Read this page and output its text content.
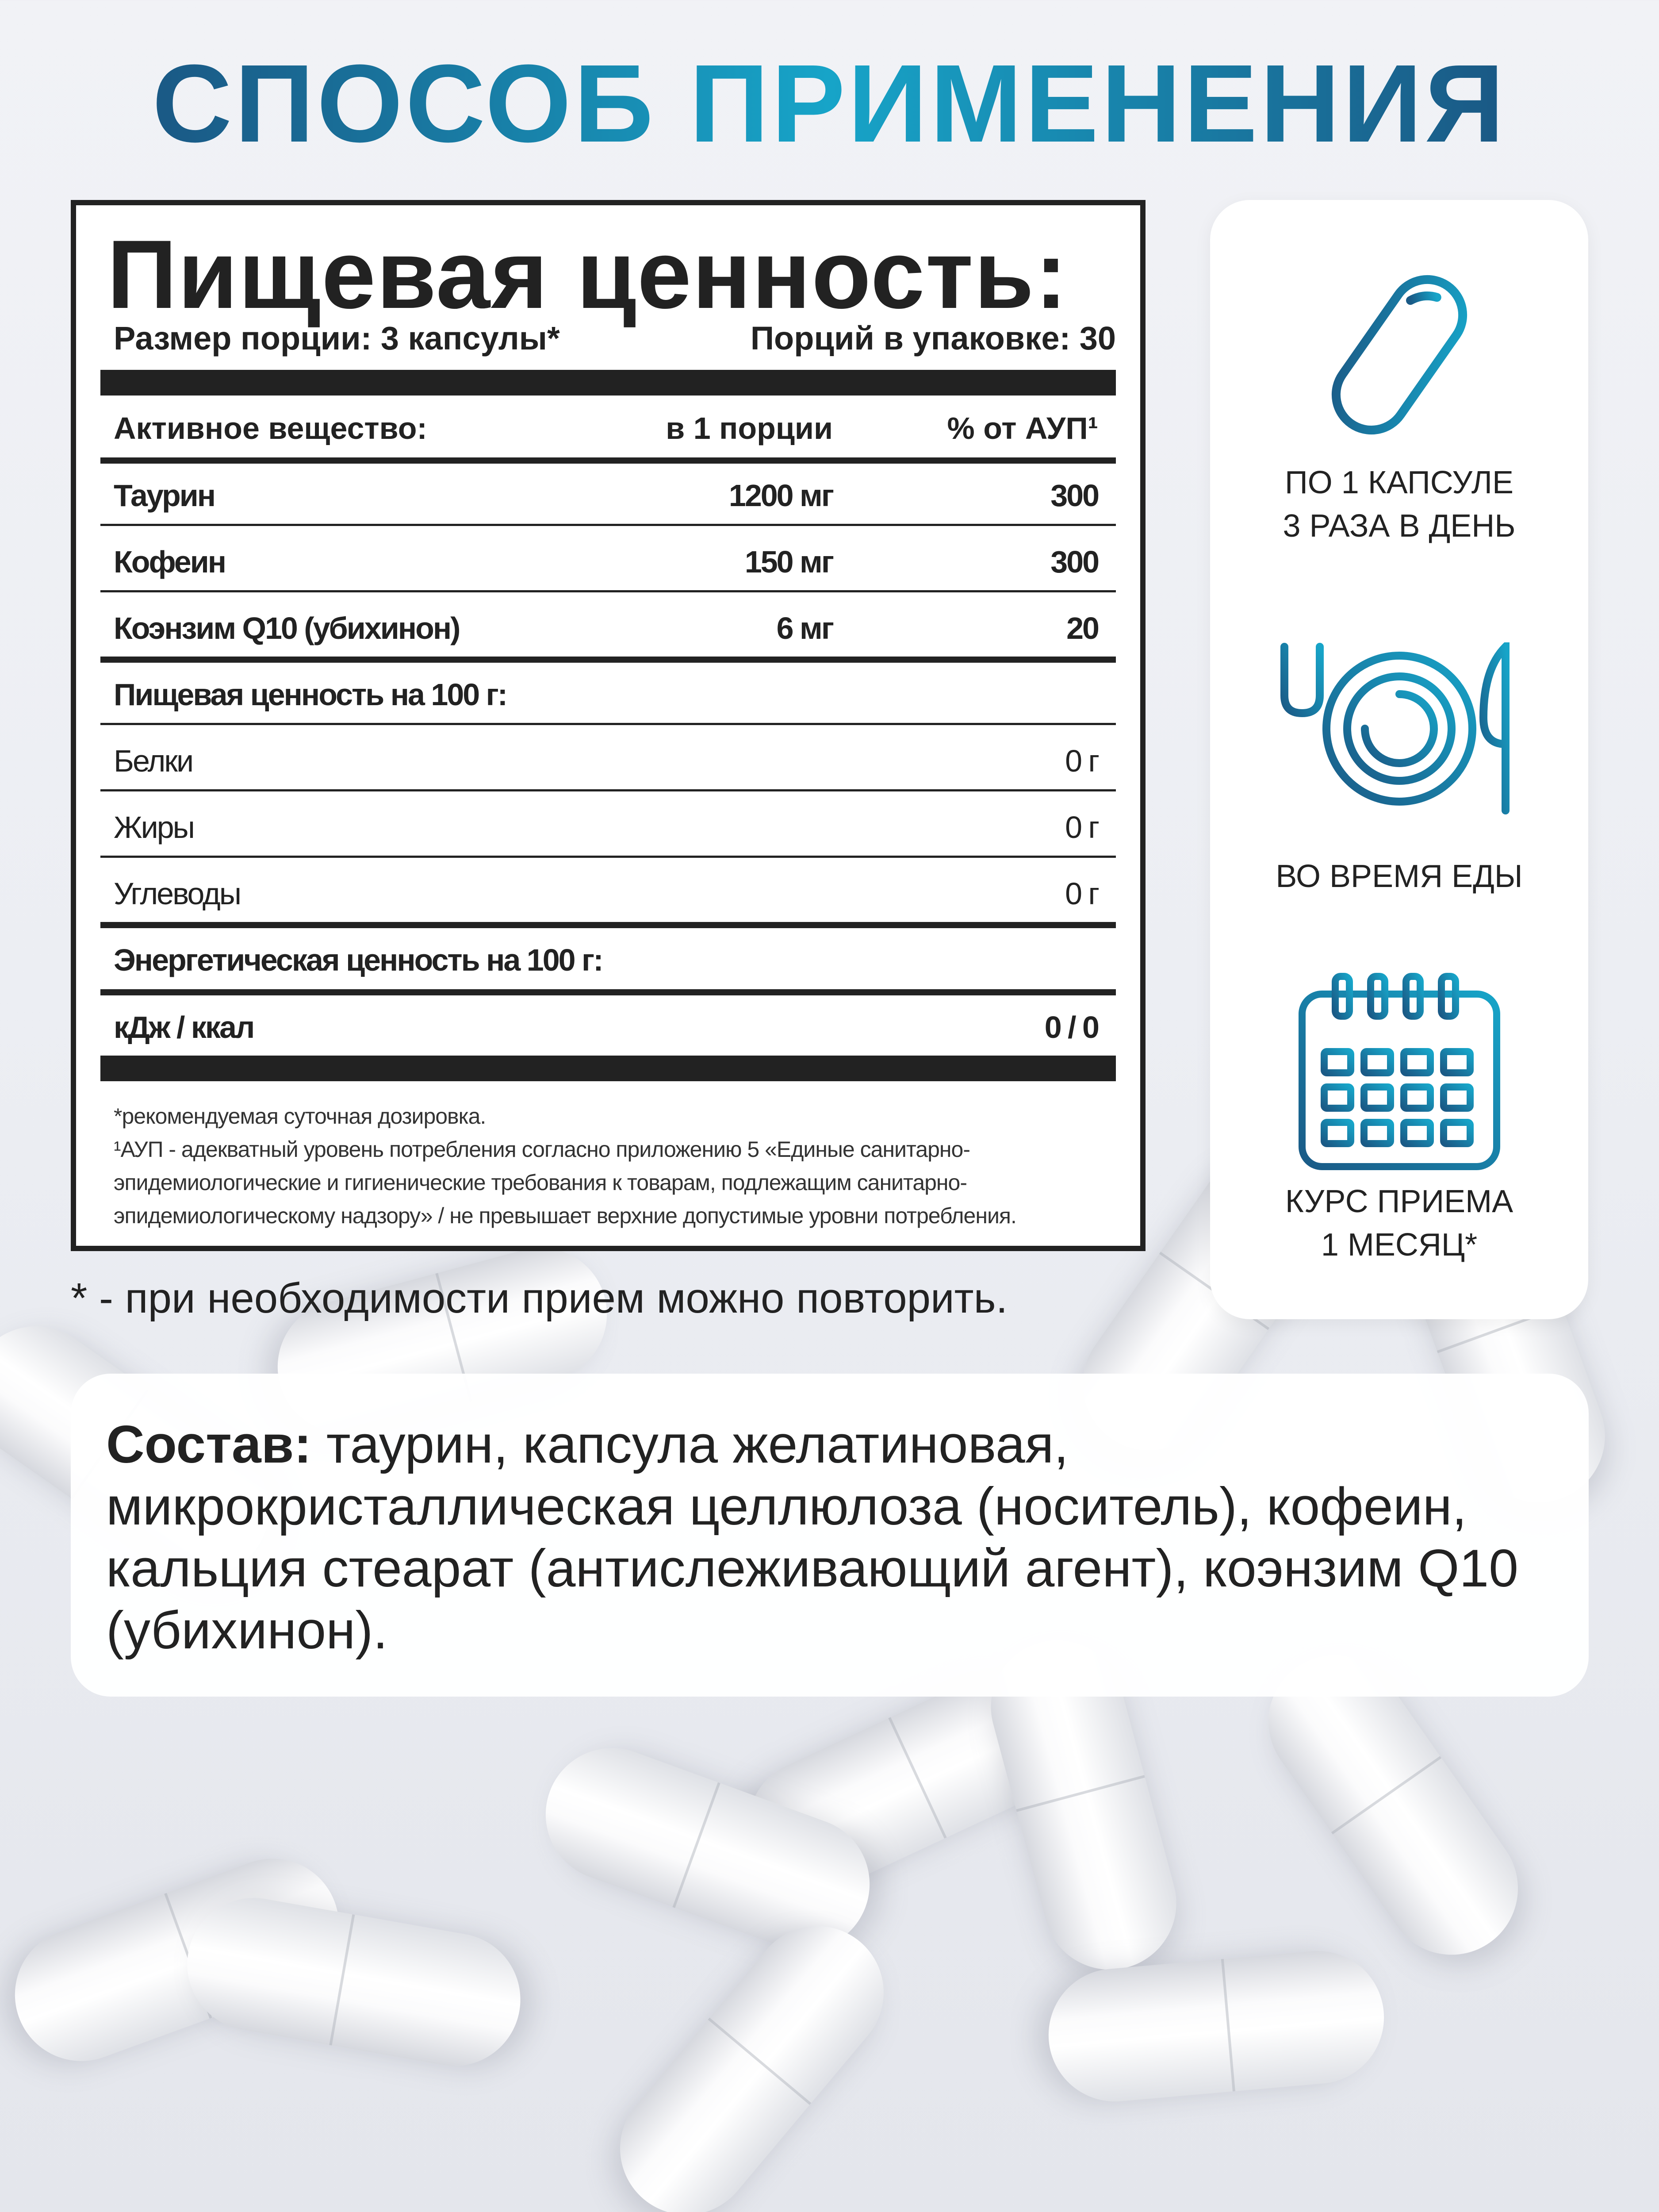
СПОСОБ ПРИМЕНЕНИЯ
Пищевая ценность:
Размер порции: 3 капсулы*	Порций в упаковке: 30
Активное вещество:	в 1 порции	% от АУП¹
Таурин	1200 мг	300
Кофеин	150 мг	300
Коэнзим Q10 (убихинон)	6 мг	20
Пищевая ценность на 100 г:
Белки	0 г
Жиры	0 г
Углеводы	0 г
Энергетическая ценность на 100 г:
кДж / ккал	0 / 0
*рекомендуемая суточная дозировка.
¹АУП - адекватный уровень потребления согласно приложению 5 «Единые санитарно-
эпидемиологические и гигиенические требования к товарам, подлежащим санитарно-
эпидемиологическому надзору» / не превышает верхние допустимые уровни потребления.
* - при необходимости прием можно повторить.
ПО 1 КАПСУЛЕ
3 РАЗА В ДЕНЬ
ВО ВРЕМЯ ЕДЫ
КУРС ПРИЕМА
1 МЕСЯЦ*
Состав: таурин, капсула желатиновая, микрокристаллическая целлюлоза (носитель), кофеин, кальция стеарат (антислеживающий агент), коэнзим Q10 (убихинон).
